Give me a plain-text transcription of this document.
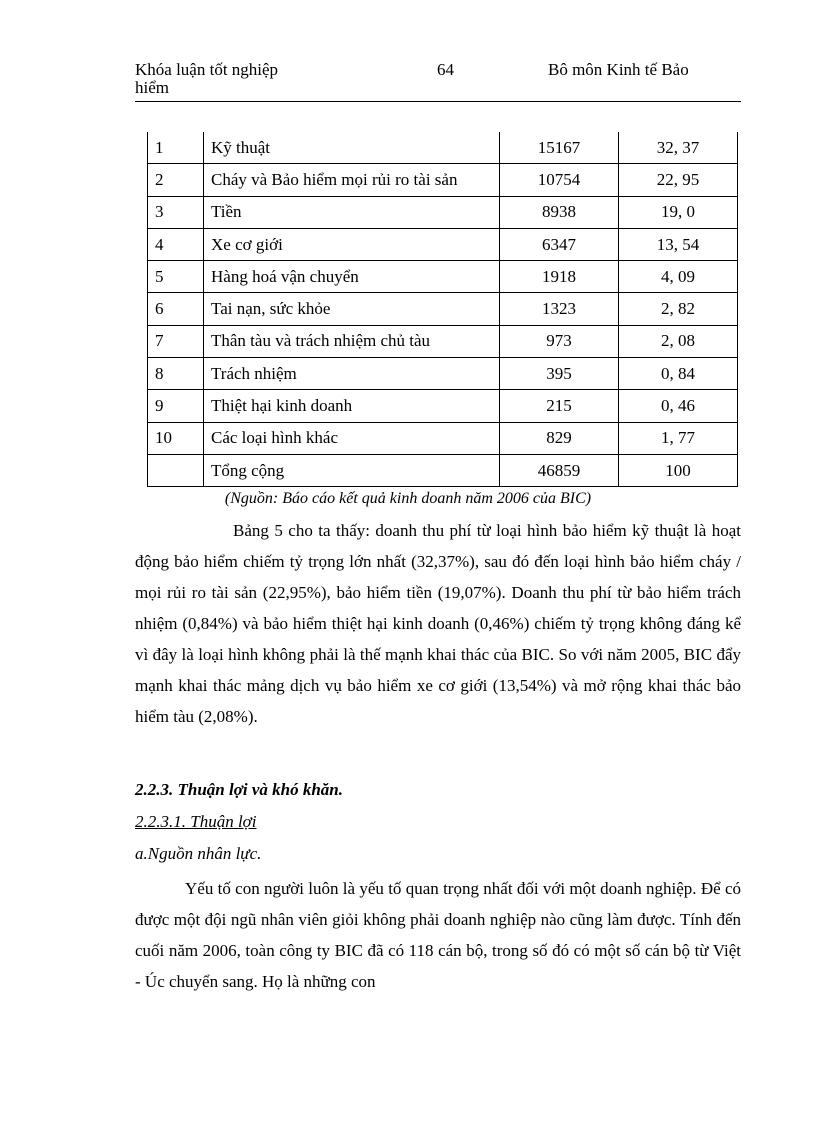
Khóa luận tốt nghiệp
hiểm
64	Bô môn Kinh tế Bảo
1	Kỹ thuật	15167	32, 37
2	Cháy và Bảo hiểm mọi rủi ro tài sản	10754	22, 95
3	Tiền	8938	19, 0
4	Xe cơ giới	6347	13, 54
5	Hàng hoá vận chuyển	1918	4, 09
6	Tai nạn, sức khỏe	1323	2, 82
7	Thân tàu và trách nhiệm chủ tàu	973	2, 08
8	Trách nhiệm	395	0, 84
9	Thiệt hại kinh doanh	215	0, 46
10	Các loại hình khác	829	1, 77
	Tổng cộng	46859	100
(Nguồn: Báo cáo kết quả kinh doanh năm 2006 của BIC)
Bảng 5 cho ta thấy: doanh thu phí từ loại hình bảo hiểm kỹ thuật là hoạt động bảo hiểm chiếm tỷ trọng lớn nhất (32,37%), sau đó đến loại hình bảo hiểm cháy / mọi rủi ro tài sản (22,95%), bảo hiểm tiền (19,07%). Doanh thu phí từ bảo hiểm trách nhiệm (0,84%) và bảo hiểm thiệt hại kinh doanh (0,46%) chiếm tỷ trọng không đáng kể vì đây là loại hình không phải là thế mạnh khai thác của BIC. So với năm 2005, BIC đẩy mạnh khai thác mảng dịch vụ bảo hiểm xe cơ giới (13,54%) và mở rộng khai thác bảo hiểm tàu (2,08%).
2.2.3. Thuận lợi và khó khăn.
2.2.3.1. Thuận lợi
a.Nguồn nhân lực.
Yếu tố con người luôn là yếu tố quan trọng nhất đối với một doanh nghiệp. Để có được một đội ngũ nhân viên giỏi không phải doanh nghiệp nào cũng làm được. Tính đến cuối năm 2006, toàn công ty BIC đã có 118 cán bộ, trong số đó có một số cán bộ từ Việt - Úc chuyển sang. Họ là những con
